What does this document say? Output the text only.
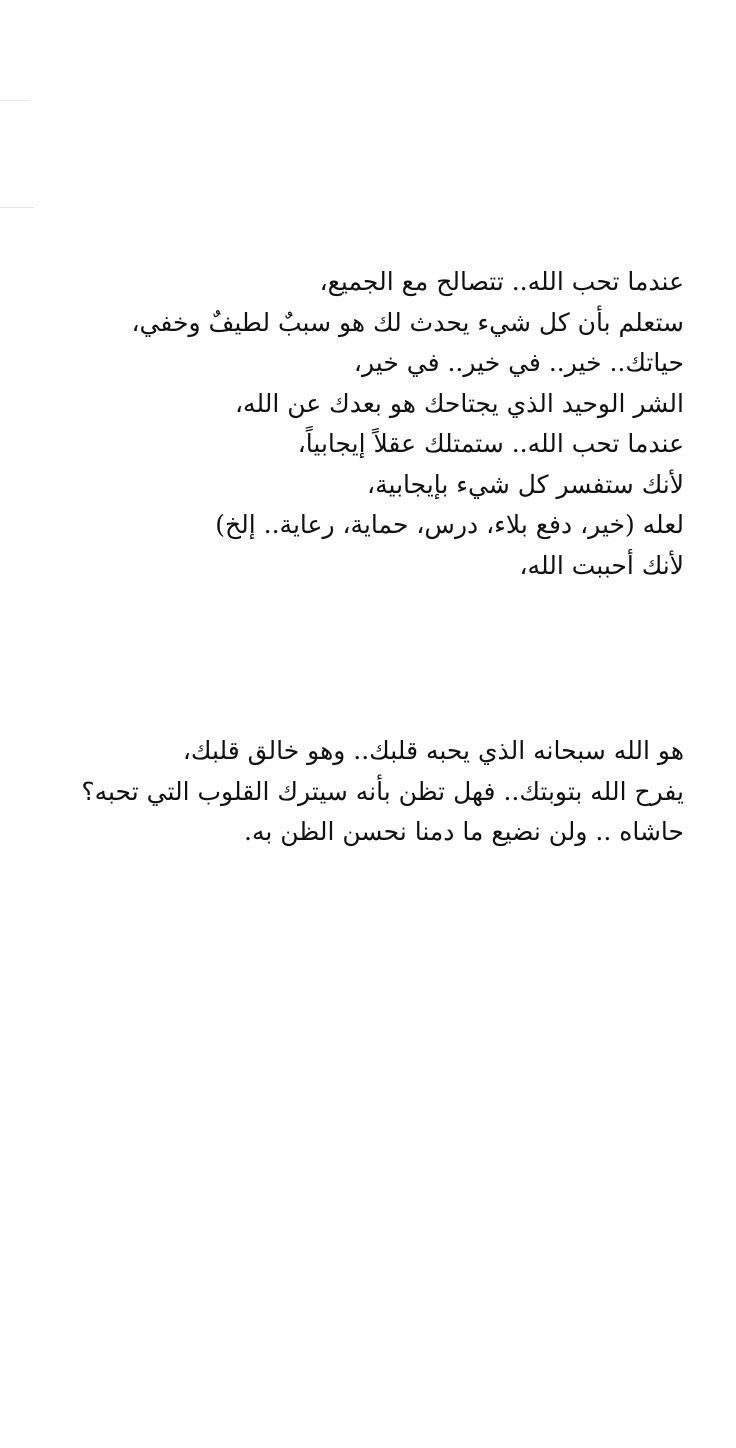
عندما تحب الله.. تتصالح مع الجميع،
ستعلم بأن كل شيء يحدث لك هو سببٌ لطيفٌ وخفي،
حياتك.. خير.. في خير.. في خير،
الشر الوحيد الذي يجتاحك هو بعدك عن الله،
عندما تحب الله.. ستمتلك عقلاً إيجابياً،
لأنك ستفسر كل شيء بإيجابية،
لعله (خير، دفع بلاء، درس، حماية، رعاية.. إلخ)
لأنك أحببت الله،
هو الله سبحانه الذي يحبه قلبك.. وهو خالق قلبك،
يفرح الله بتوبتك.. فهل تظن بأنه سيترك القلوب التي تحبه؟
حاشاه .. ولن نضيع ما دمنا نحسن الظن به.
